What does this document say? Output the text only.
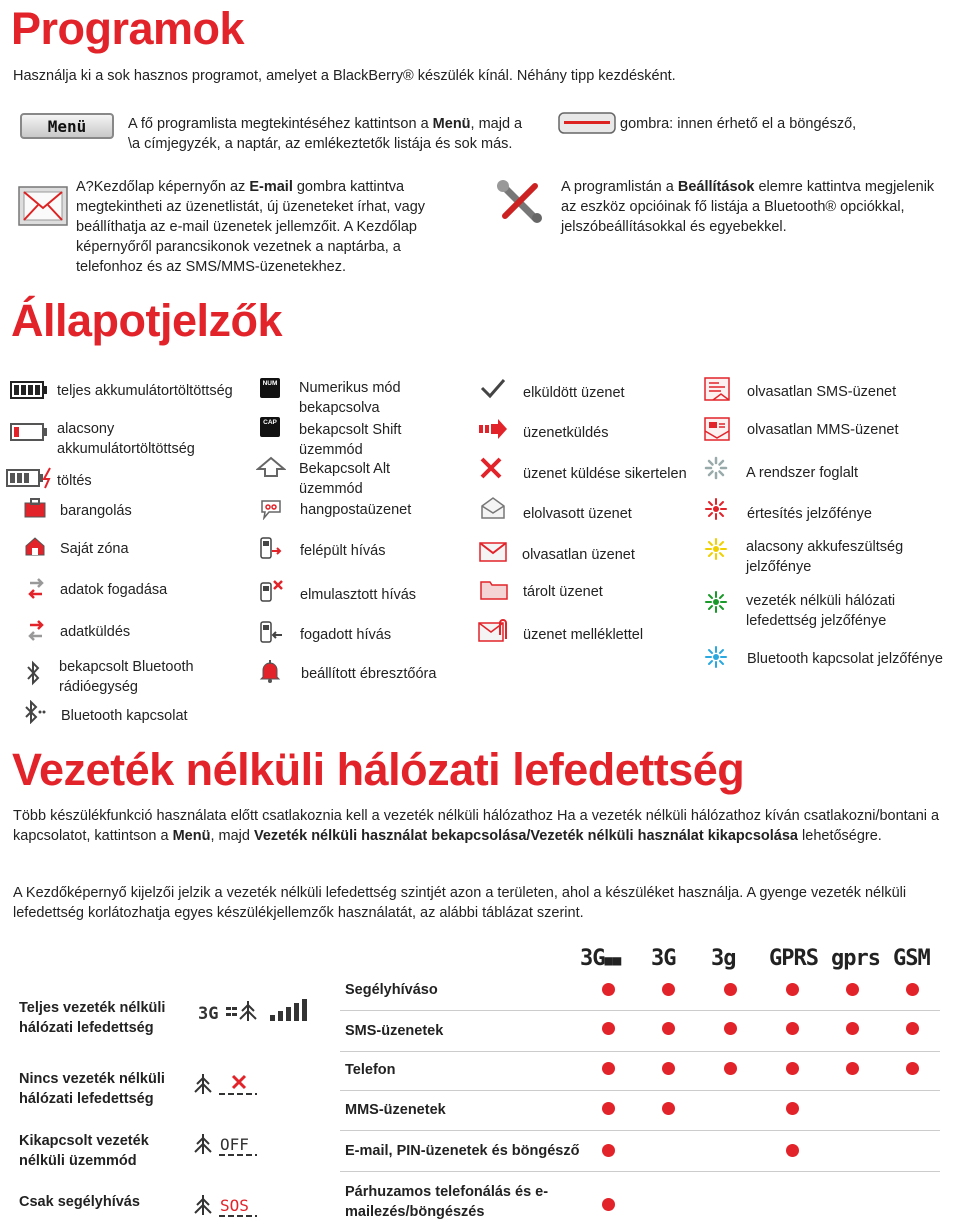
Programok
Használja ki a sok hasznos programot, amelyet a BlackBerry® készülék kínál. Néhány tipp kezdésként.
Menü	A fő programlista megtekintéséhez kattintson a Menü, majd a	gombra: innen érhető el a böngésző,
\a címjegyzék, a naptár, az emlékeztetők listája és sok más.
A?Kezdőlap képernyőn az E-mail gombra kattintva megtekintheti az üzenetlistát, új üzeneteket írhat, vagy beállíthatja az e-mail üzenetek jellemzőit. A Kezdőlap képernyőről parancsikonok vezetnek a naptárba, a telefonhoz és az SMS/MMS-üzenetekhez.
A programlistán a Beállítások elemre kattintva megjelenik az eszköz opcióinak fő listája a Bluetooth® opciókkal, jelszóbeállításokkal és egyebekkel.
Állapotjelzők
teljes akkumulátortöltöttség
alacsony akkumulátortöltöttség
töltés
barangolás
Saját zóna
adatok fogadása
adatküldés
bekapcsolt Bluetooth rádióegység
Bluetooth kapcsolat
NUM
CAP
Numerikus mód bekapcsolva
bekapcsolt Shift üzemmód
Bekapcsolt Alt üzemmód
hangpostaüzenet
felépült hívás
elmulasztott hívás
fogadott hívás
beállított ébresztőóra
elküldött üzenet
üzenetküldés
üzenet küldése sikertelen
elolvasott üzenet
olvasatlan üzenet
tárolt üzenet
üzenet melléklettel
olvasatlan SMS-üzenet
olvasatlan MMS-üzenet
A rendszer foglalt
értesítés jelzőfénye
alacsony akkufeszültség jelzőfénye
vezeték nélküli hálózati lefedettség jelzőfénye
Bluetooth kapcsolat jelzőfénye
Vezeték nélküli hálózati lefedettség
Több készülékfunkció használata előtt csatlakoznia kell a vezeték nélküli hálózathoz Ha a vezeték nélküli hálózathoz kíván csatlakozni/bontani a kapcsolatot, kattintson a Menü, majd Vezeték nélküli használat bekapcsolása/Vezeték nélküli használat kikapcsolása lehetőségre.
A Kezdőképernyő kijelzői jelzik a vezeték nélküli lefedettség szintjét azon a területen, ahol a készüléket használja. A gyenge vezeték nélküli lefedettség korlátozhatja egyes készülékjellemzők használatát, az alábbi táblázat szerint.
Teljes vezeték nélküli hálózati lefedettség
Nincs vezeték nélküli hálózati lefedettség
Kikapcsolt vezeték nélküli üzemmód
Csak segélyhívás
3G
OFF
SOS
3G■■ 3G 3g GPRS gprs GSM
Segélyhíváso
SMS-üzenetek
Telefon
MMS-üzenetek
E-mail, PIN-üzenetek és böngésző
Párhuzamos telefonálás és e-mailezés/böngészés
